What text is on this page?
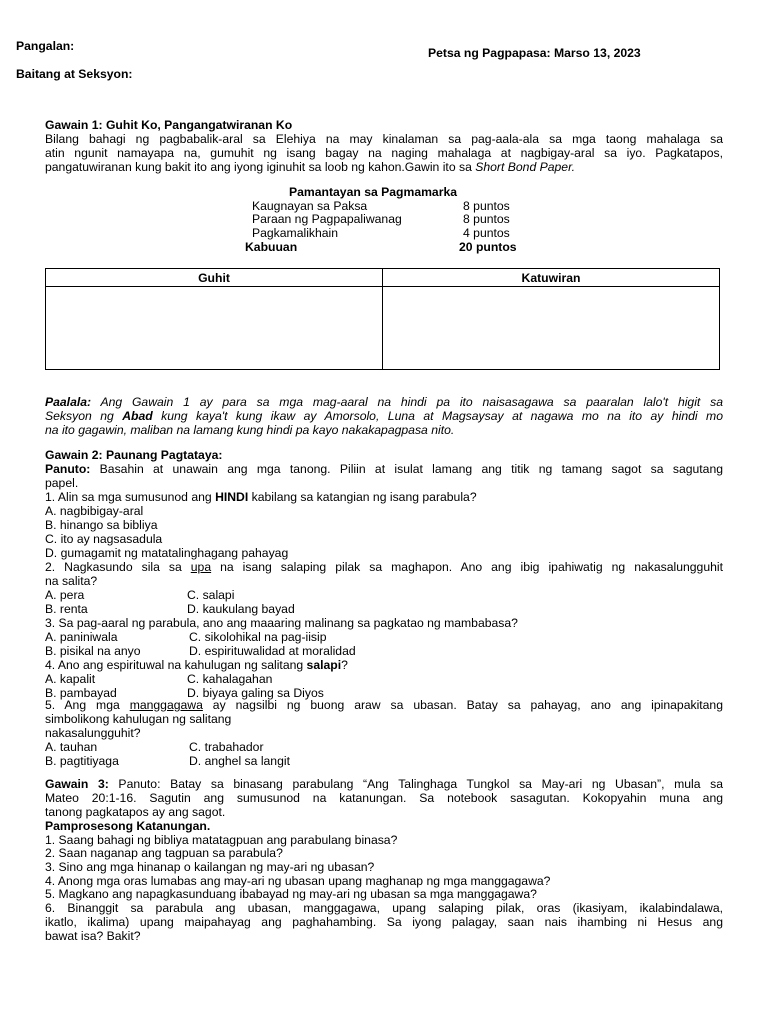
Pangalan:	Petsa ng Pagpapasa: Marso 13, 2023
Baitang at Seksyon:
Gawain 1: Guhit Ko, Pangangatwiranan Ko
Bilang bahagi ng pagbabalik-aral sa Elehiya na may kinalaman sa pag-aala-ala sa mga taong mahalaga sa
atin ngunit namayapa na, gumuhit ng isang bagay na naging mahalaga at nagbigay-aral sa iyo. Pagkatapos,
pangatuwiranan kung bakit ito ang iyong iginuhit sa loob ng kahon.Gawin ito sa Short Bond Paper.
Pamantayan sa Pagmamarka
Kaugnayan sa Paksa	8 puntos
Paraan ng Pagpapaliwanag	8 puntos
Pagkamalikhain	4 puntos
Kabuuan	20 puntos
Guhit	Katuwiran

Paalala: Ang Gawain 1 ay para sa mga mag-aaral na hindi pa ito naisasagawa sa paaralan lalo't higit sa
Seksyon ng Abad kung kaya't kung ikaw ay Amorsolo, Luna at Magsaysay at nagawa mo na ito ay hindi mo
na ito gagawin, maliban na lamang kung hindi pa kayo nakakapagpasa nito.
Gawain 2: Paunang Pagtataya:
Panuto: Basahin at unawain ang mga tanong. Piliin at isulat lamang ang titik ng tamang sagot sa sagutang
papel.
1. Alin sa mga sumusunod ang HINDI kabilang sa katangian ng isang parabula?
A. nagbibigay-aral
B. hinango sa bibliya
C. ito ay nagsasadula
D. gumagamit ng matatalinghagang pahayag
2. Nagkasundo sila sa upa na isang salaping pilak sa maghapon. Ano ang ibig ipahiwatig ng nakasalungguhit
na salita?
A. pera	C. salapi
B. renta	D. kaukulang bayad
3. Sa pag-aaral ng parabula, ano ang maaaring malinang sa pagkatao ng mambabasa?
A. paniniwala	C. sikolohikal na pag-iisip
B. pisikal na anyo	D. espirituwalidad at moralidad
4. Ano ang espirituwal na kahulugan ng salitang salapi?
A. kapalit	C. kahalagahan
B. pambayad	D. biyaya galing sa Diyos
5. Ang mga manggagawa ay nagsilbi ng buong araw sa ubasan. Batay sa pahayag, ano ang ipinapakitang
simbolikong kahulugan ng salitang
nakasalungguhit?
A. tauhan	C. trabahador
B. pagtitiyaga	D. anghel sa langit
Gawain 3: Panuto: Batay sa binasang parabulang “Ang Talinghaga Tungkol sa May-ari ng Ubasan”, mula sa
Mateo 20:1-16. Sagutin ang sumusunod na katanungan. Sa notebook sasagutan. Kokopyahin muna ang
tanong pagkatapos ay ang sagot.
Pamprosesong Katanungan.
1. Saang bahagi ng bibliya matatagpuan ang parabulang binasa?
2. Saan naganap ang tagpuan sa parabula?
3. Sino ang mga hinanap o kailangan ng may-ari ng ubasan?
4. Anong mga oras lumabas ang may-ari ng ubasan upang maghanap ng mga manggagawa?
5. Magkano ang napagkasunduang ibabayad ng may-ari ng ubasan sa mga manggagawa?
6. Binanggit sa parabula ang ubasan, manggagawa, upang salaping pilak, oras (ikasiyam, ikalabindalawa,
ikatlo, ikalima) upang maipahayag ang paghahambing. Sa iyong palagay, saan nais ihambing ni Hesus ang
bawat isa? Bakit?
